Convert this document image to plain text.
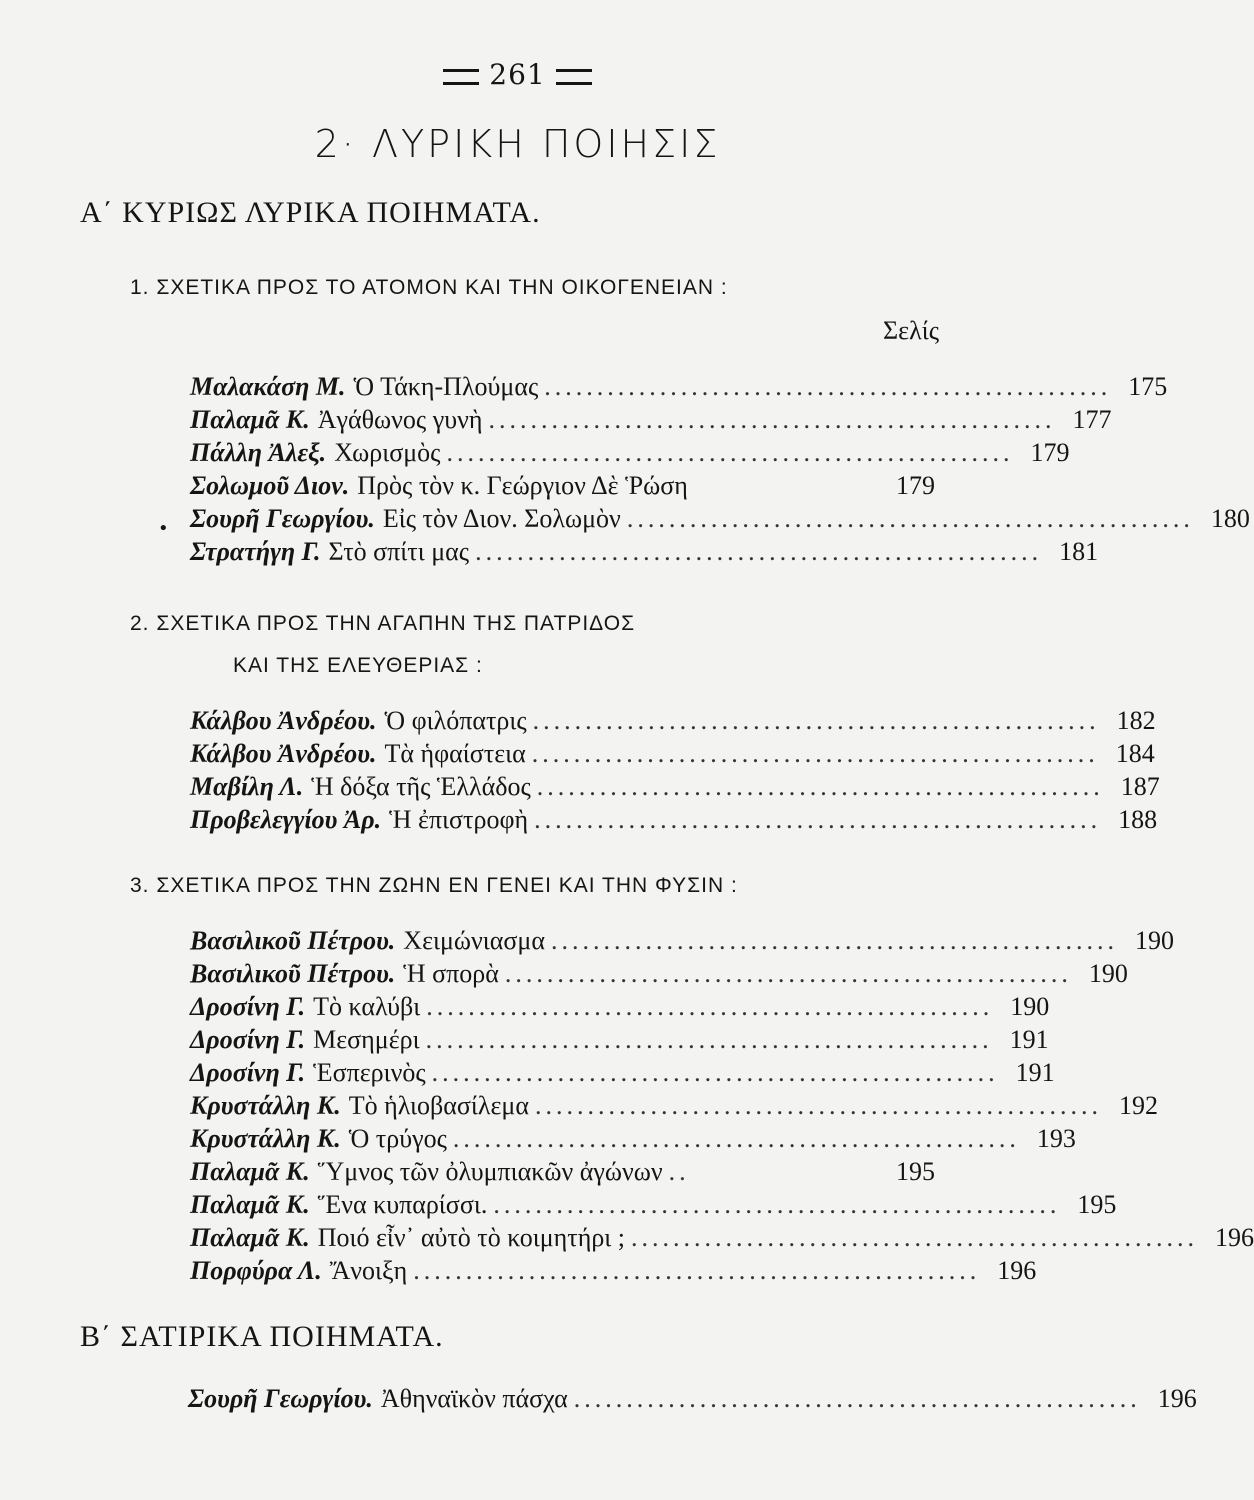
261
2· ΛΥΡΙΚΗ ΠΟΙΗΣΙΣ
Α΄ ΚΥΡΙΩΣ ΛΥΡΙΚΑ ΠΟΙΗΜΑΤΑ.
1. ΣΧΕΤΙΚΑ ΠΡΟΣ ΤΟ ΑΤΟΜΟΝ ΚΑΙ ΤΗΝ ΟΙΚΟΓΕΝΕΙΑΝ :
Σελίς
Μαλακάση Μ. Ὁ Τάκη-Πλούμας ...................................................... 175
Παλαμᾶ Κ. Ἀγάθωνος γυνὴ ...................................................... 177
Πάλλη Ἀλεξ. Χωρισμὸς ...................................................... 179
Σολωμοῦ Διον. Πρὸς τὸν κ. Γεώργιον Δὲ Ῥώση	179
• Σουρῆ Γεωργίου. Εἰς τὸν Διον. Σολωμὸν ...................................................... 180
Στρατήγη Γ. Στὸ σπίτι μας ...................................................... 181
2. ΣΧΕΤΙΚΑ ΠΡΟΣ ΤΗΝ ΑΓΑΠΗΝ ΤΗΣ ΠΑΤΡΙΔΟΣ
ΚΑΙ ΤΗΣ ΕΛΕΥΘΕΡΙΑΣ :
Κάλβου Ἀνδρέου. Ὁ φιλόπατρις ...................................................... 182
Κάλβου Ἀνδρέου. Τὰ ἡφαίστεια ...................................................... 184
Μαβίλη Λ. Ἡ δόξα τῆς Ἑλλάδος ...................................................... 187
Προβελεγγίου Ἀρ. Ἡ ἐπιστροφὴ ...................................................... 188
3. ΣΧΕΤΙΚΑ ΠΡΟΣ ΤΗΝ ΖΩΗΝ ΕΝ ΓΕΝΕΙ ΚΑΙ ΤΗΝ ΦΥΣΙΝ :
Βασιλικοῦ Πέτρου. Χειμώνιασμα ...................................................... 190
Βασιλικοῦ Πέτρου. Ἡ σπορὰ ...................................................... 190
Δροσίνη Γ. Τὸ καλύβι ...................................................... 190
Δροσίνη Γ. Μεσημέρι ...................................................... 191
Δροσίνη Γ. Ἑσπερινὸς ...................................................... 191
Κρυστάλλη Κ. Τὸ ἡλιοβασίλεμα ...................................................... 192
Κρυστάλλη Κ. Ὁ τρύγος ...................................................... 193
Παλαμᾶ Κ. Ὕμνος τῶν ὀλυμπιακῶν ἀγώνων ..	195
Παλαμᾶ Κ. Ἕνα κυπαρίσσι. ...................................................... 195
Παλαμᾶ Κ. Ποιό εἶν᾽ αὐτὸ τὸ κοιμητήρι ; ...................................................... 196
Πορφύρα Λ. Ἄνοιξη ...................................................... 196
Β΄ ΣΑΤΙΡΙΚΑ ΠΟΙΗΜΑΤΑ.
Σουρῆ Γεωργίου. Ἀθηναϊκὸν πάσχα ...................................................... 196
